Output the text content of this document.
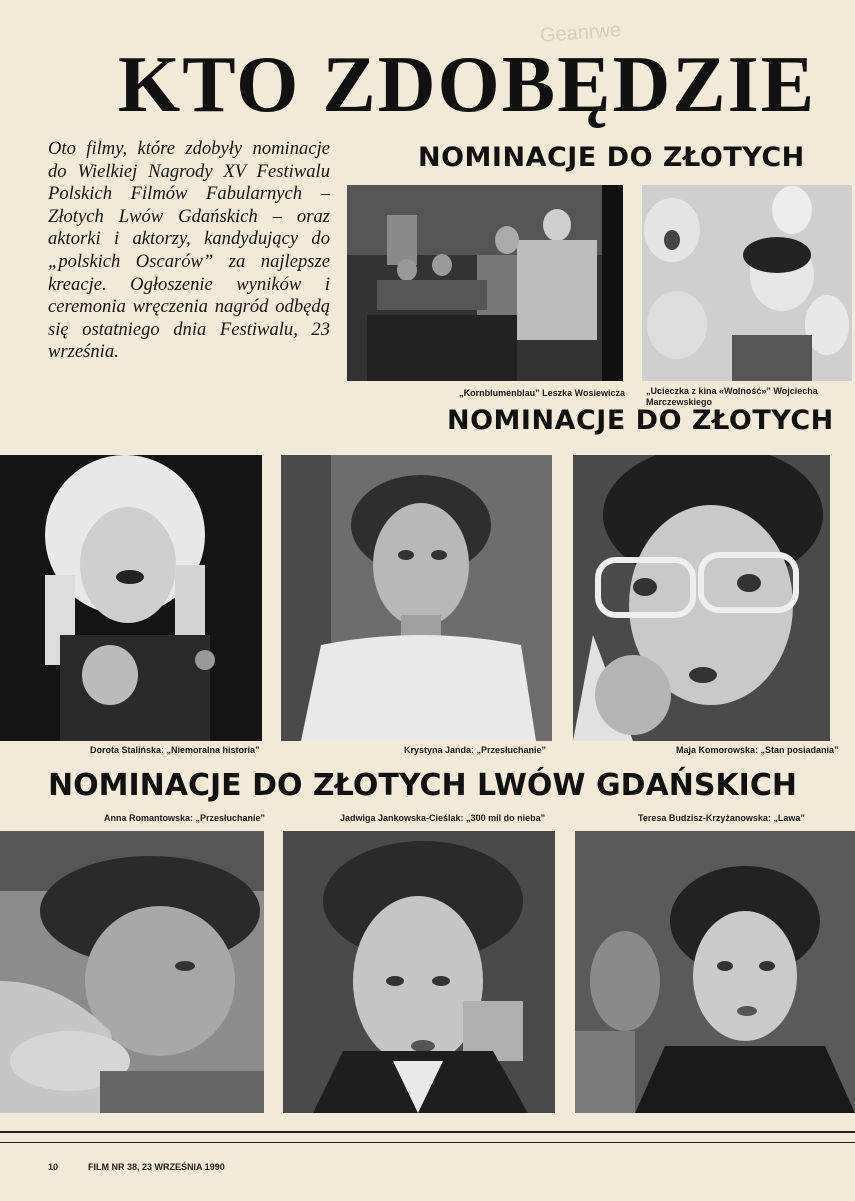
Geanrwe
KTO ZDOBĘDZIE

Oto filmy, które zdobyły nominacje do Wielkiej Nagrody XV Festiwalu Polskich Filmów Fabularnych – Złotych Lwów Gdańskich – oraz aktorki i aktorzy, kandydujący do „polskich Oscarów” za najlepsze kreacje. Ogłoszenie wyników i ceremonia wręczenia nagród odbędą się ostatniego dnia Festiwalu, 23 września.

NOMINACJE DO ZŁOTYCH
„Kornblumenblau” Leszka Wosiewicza „Ucieczka z kina «Wolność»” Wojciecha Marczewskiego
NOMINACJE DO ZŁOTYCH
Dorota Stalińska: „Niemoralna historia”	Krystyna Janda: „Przesłuchanie”	Maja Komorowska: „Stan posiadania”
NOMINACJE DO ZŁOTYCH LWÓW GDAŃSKICH
Anna Romantowska: „Przesłuchanie”	Jadwiga Jankowska-Cieślak: „300 mil do nieba”	Teresa Budzisz-Krzyżanowska: „Lawa”
10	FILM NR 38, 23 WRZEŚNIA 1990
